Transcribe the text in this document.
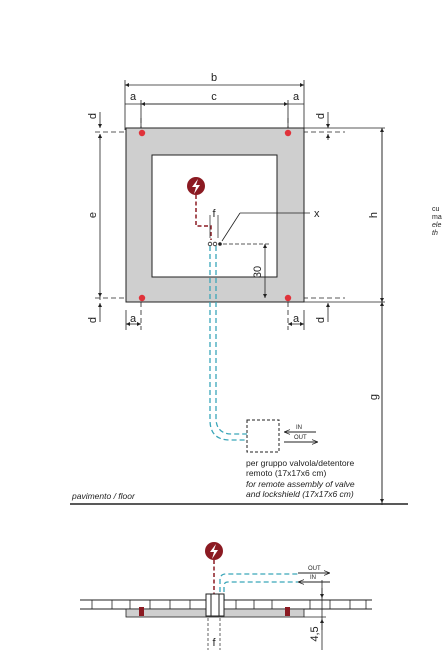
b
c
a	a
d	d
e	h
g
d	d
a	a
f	x
30
IN
OUT
per gruppo valvola/detentore
remoto (17x17x6 cm)
for remote assembly of valve
and lockshield (17x17x6 cm)
pavimento / floor
cu
ma
ele
th
OUT
IN
f
4,5
